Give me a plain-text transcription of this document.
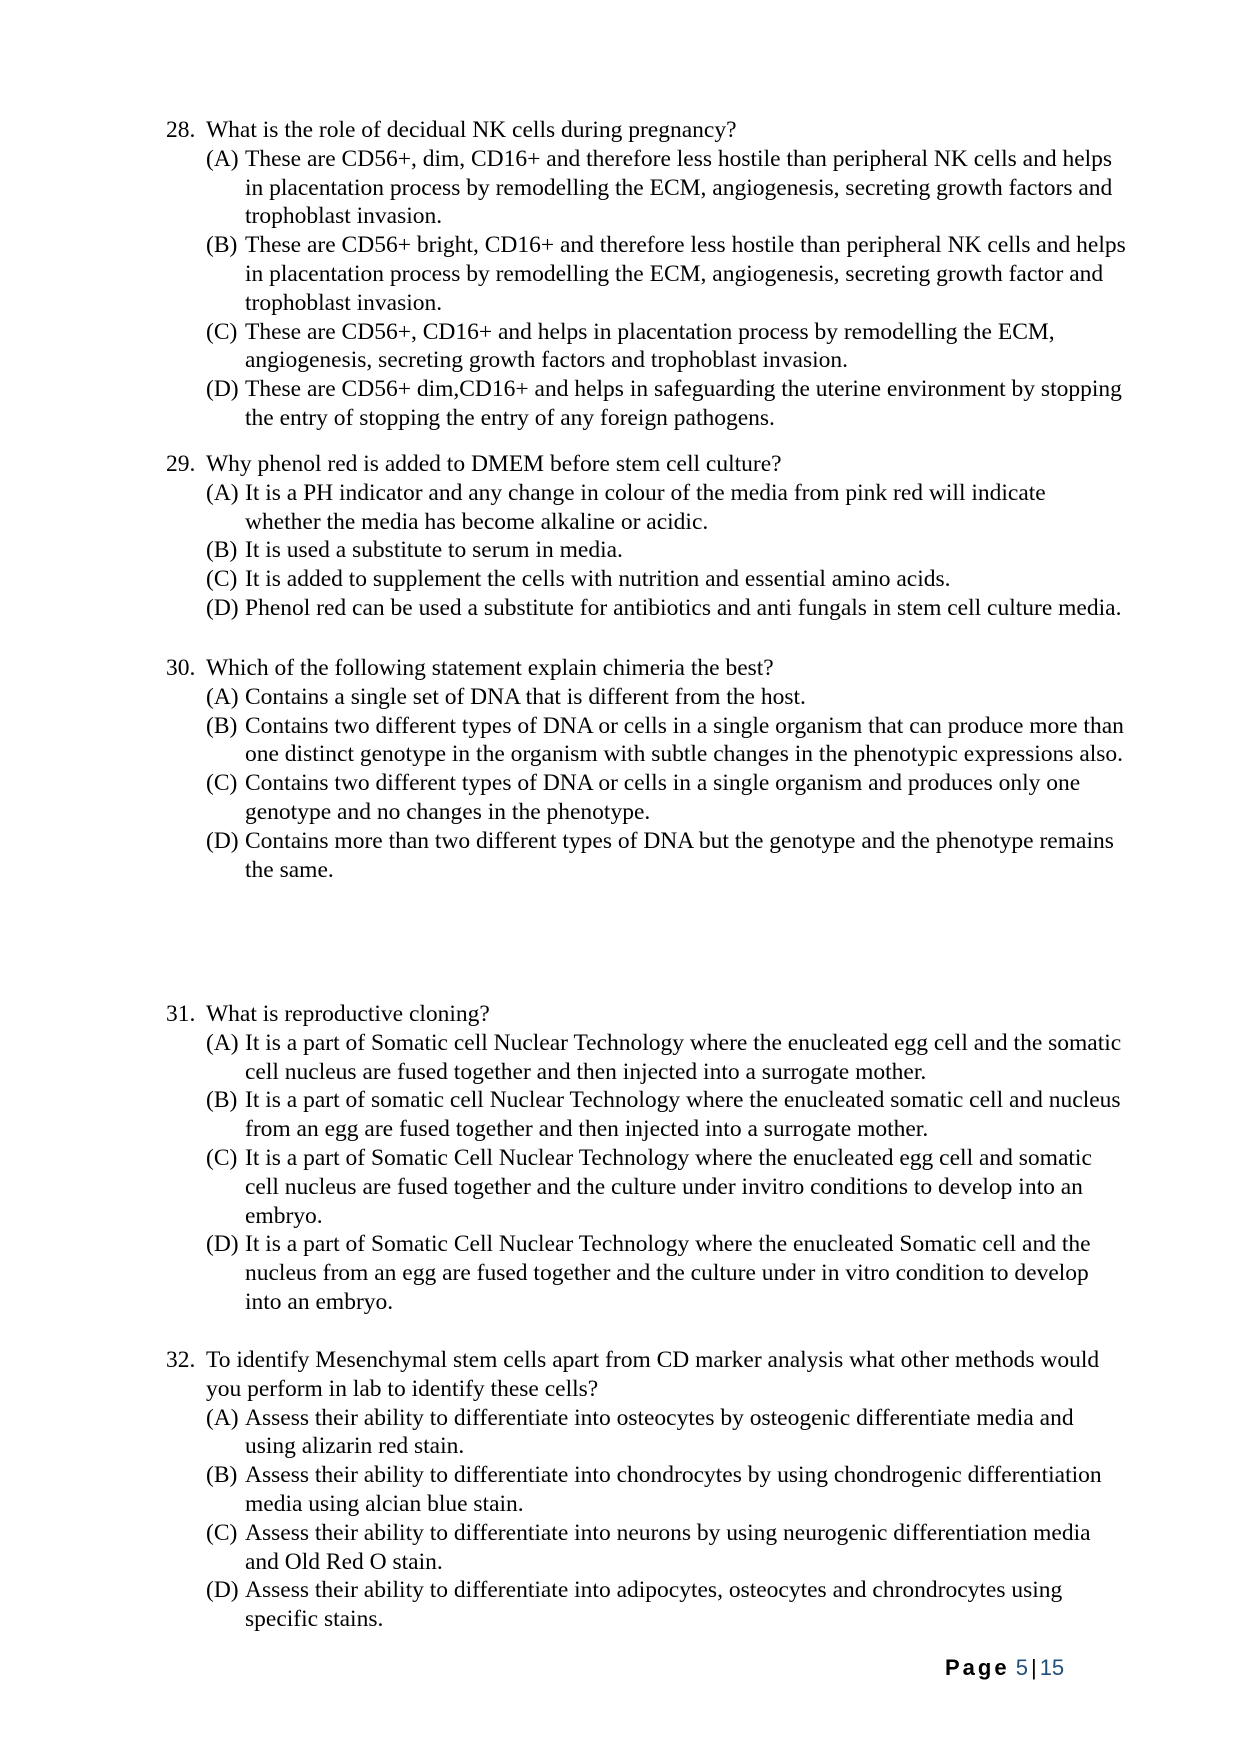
28. What is the role of decidual NK cells during pregnancy?
(A) These are CD56+, dim, CD16+ and therefore less hostile than peripheral NK cells and helps in placentation process by remodelling the ECM, angiogenesis, secreting growth factors and trophoblast invasion.
(B) These are CD56+ bright, CD16+ and therefore less hostile than peripheral NK cells and helps in placentation process by remodelling the ECM, angiogenesis, secreting growth factor and trophoblast invasion.
(C) These are CD56+, CD16+ and helps in placentation process by remodelling the ECM, angiogenesis, secreting growth factors and trophoblast invasion.
(D) These are CD56+ dim,CD16+ and helps in safeguarding the uterine environment by stopping the entry of stopping the entry of any foreign pathogens.
29. Why phenol red is added to DMEM before stem cell culture?
(A) It is a PH indicator and any change in colour of the media from pink red will indicate whether the media has become alkaline or acidic.
(B) It is used a substitute to serum in media.
(C) It is added to supplement the cells with nutrition and essential amino acids.
(D) Phenol red can be used a substitute for antibiotics and anti fungals in stem cell culture media.
30. Which of the following statement explain chimeria the best?
(A) Contains a single set of DNA that is different from the host.
(B) Contains two different types of DNA or cells in a single organism that can produce more than one distinct genotype in the organism with subtle changes in the phenotypic expressions also.
(C) Contains two different types of DNA or cells in a single organism and produces only one genotype and no changes in the phenotype.
(D) Contains more than two different types of DNA but the genotype and the phenotype remains the same.
31. What is reproductive cloning?
(A) It is a part of Somatic cell Nuclear Technology where the enucleated egg cell and the somatic cell nucleus are fused together and then injected into a surrogate mother.
(B) It is a part of somatic cell Nuclear Technology where the enucleated somatic cell and nucleus from an egg are fused together and then injected into a surrogate mother.
(C) It is a part of Somatic Cell Nuclear Technology where the enucleated egg cell and somatic cell nucleus are fused together and the culture under invitro conditions to develop into an embryo.
(D) It is a part of Somatic Cell Nuclear Technology where the enucleated Somatic cell and the nucleus from an egg are fused together and the culture under in vitro condition to develop into an embryo.
32. To identify Mesenchymal stem cells apart from CD marker analysis what other methods would you perform in lab to identify these cells?
(A) Assess their ability to differentiate into osteocytes by osteogenic differentiate media and using alizarin red stain.
(B) Assess their ability to differentiate into chondrocytes by using chondrogenic differentiation media using alcian blue stain.
(C) Assess their ability to differentiate into neurons by using neurogenic differentiation media and Old Red O stain.
(D) Assess their ability to differentiate into adipocytes, osteocytes and chrondrocytes using specific stains.
Page 5 | 15
